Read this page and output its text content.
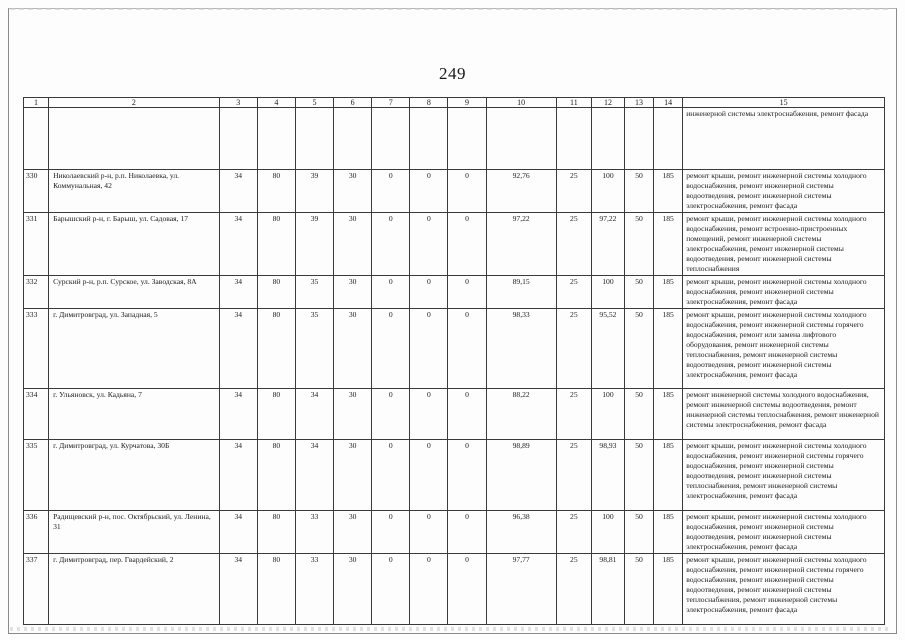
249
1	2	3	4	5	6	7	8	9	10	11	12	13	14	15
														инженерной системы электроснабжения, ремонт фасада
330	Николаевский р-н, р.п. Николаевка, ул. Коммунальная, 42	34	80	39	30	0	0	0	92,76	25	100	50	185	ремонт крыши, ремонт инженерной системы холодного водоснабжения, ремонт инженерной системы водоотведения, ремонт инженерной системы электроснабжения, ремонт фасада
331	Барышский р-н, г. Барыш, ул. Садовая, 17	34	80	39	30	0	0	0	97,22	25	97,22	50	185	ремонт крыши, ремонт инженерной системы холодного водоснабжения, ремонт встроенно-пристроенных помещений, ремонт инженерной системы электроснабжения, ремонт инженерной системы водоотведения, ремонт инженерной системы теплоснабжения
332	Сурский р-н, р.п. Сурское, ул. Заводская, 8А	34	80	35	30	0	0	0	89,15	25	100	50	185	ремонт крыши, ремонт инженерной системы холодного водоснабжения, ремонт инженерной системы электроснабжения, ремонт фасада
333	г. Димитровград, ул. Западная, 5	34	80	35	30	0	0	0	98,33	25	95,52	50	185	ремонт крыши, ремонт инженерной системы холодного водоснабжения, ремонт инженерной системы горячего водоснабжения, ремонт или замена лифтового оборудования, ремонт инженерной системы теплоснабжения, ремонт инженерной системы водоотведения, ремонт инженерной системы электроснабжения, ремонт фасада
334	г. Ульяновск, ул. Кадьяна, 7	34	80	34	30	0	0	0	88,22	25	100	50	185	ремонт инженерной системы холодного водоснабжения, ремонт инженерной системы водоотведения, ремонт инженерной системы теплоснабжения, ремонт инженерной системы электроснабжения, ремонт фасада
335	г. Димитровград, ул. Курчатова, 30Б	34	80	34	30	0	0	0	98,89	25	98,93	50	185	ремонт крыши, ремонт инженерной системы холодного водоснабжения, ремонт инженерной системы горячего водоснабжения, ремонт инженерной системы водоотведения, ремонт инженерной системы теплоснабжения, ремонт инженерной системы электроснабжения, ремонт фасада
336	Радищевский р-н, пос. Октябрьский, ул. Ленина, 31	34	80	33	30	0	0	0	96,38	25	100	50	185	ремонт крыши, ремонт инженерной системы холодного водоснабжения, ремонт инженерной системы водоотведения, ремонт инженерной системы электроснабжения, ремонт фасада
337	г. Димитровград, пер. Гвардейский, 2	34	80	33	30	0	0	0	97,77	25	98,81	50	185	ремонт крыши, ремонт инженерной системы холодного водоснабжения, ремонт инженерной системы горячего водоснабжения, ремонт инженерной системы водоотведения, ремонт инженерной системы теплоснабжения, ремонт инженерной системы электроснабжения, ремонт фасада
